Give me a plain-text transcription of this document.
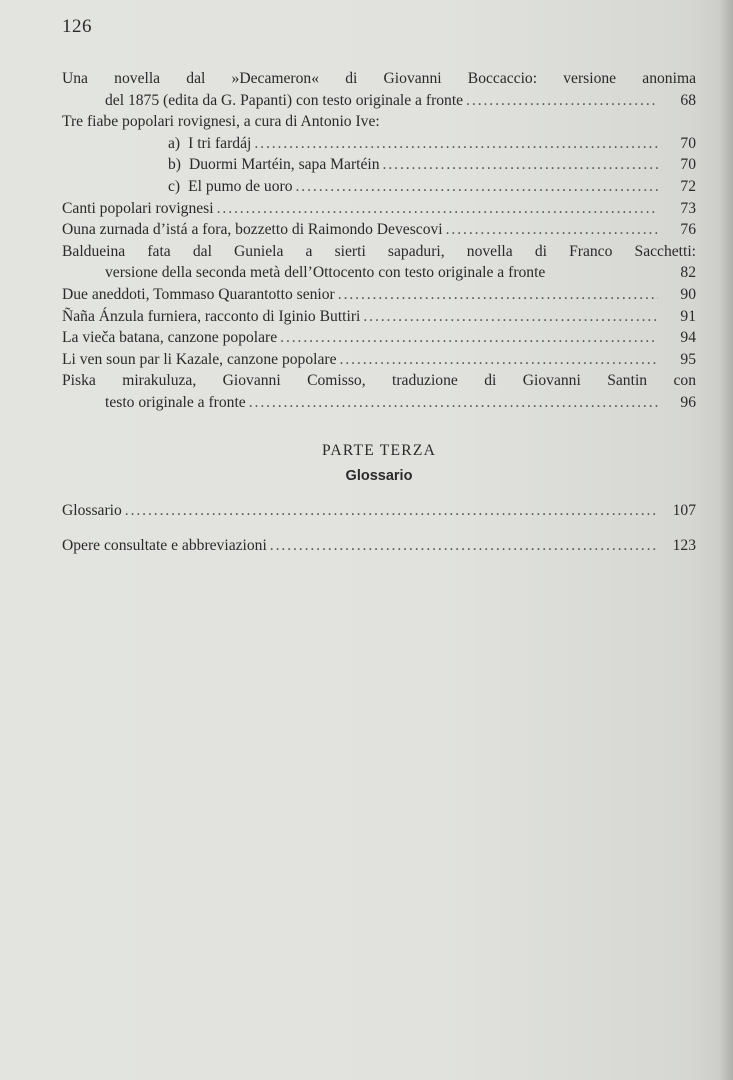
126
Una novella dal »Decameron« di Giovanni Boccaccio: versione anonima
del 1875 (edita da G. Papanti) con testo originale a fronte . . .	68
Tre fiabe popolari rovignesi, a cura di Antonio Ive:
a) I tri fardáj . . .	70
b) Duormi Martéin, sapa Martéin . . .	70
c) El pumo de uoro . . .	72
Canti popolari rovignesi . . .	73
Ouna zurnada d’istá a fora, bozzetto di Raimondo Devescovi . . .	76
Baldueina fata dal Guniela a sierti sapaduri, novella di Franco Sacchetti:
versione della seconda metà dell’Ottocento con testo originale a fronte	82
Due aneddoti, Tommaso Quarantotto senior . . .	90
Ñaña Ánzula furniera, racconto di Iginio Buttiri . . .	91
La vieča batana, canzone popolare . . .	94
Li ven soun par li Kazale, canzone popolare . . .	95
Piska mirakuluza, Giovanni Comisso, traduzione di Giovanni Santin con
testo originale a fronte . . .	96
PARTE TERZA
Glossario
Glossario . . .	107
Opere consultate e abbreviazioni . . .	123
